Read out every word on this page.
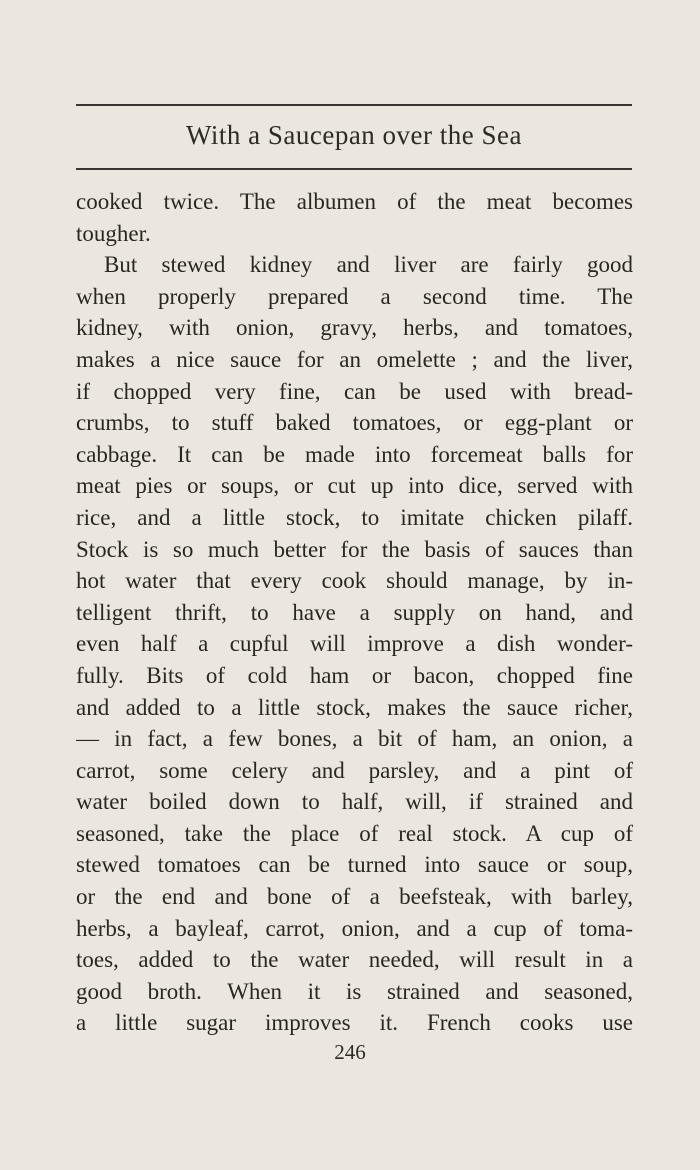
With a Saucepan over the Sea
cooked twice. The albumen of the meat becomes
tougher.
But stewed kidney and liver are fairly good
when properly prepared a second time. The
kidney, with onion, gravy, herbs, and tomatoes,
makes a nice sauce for an omelette ; and the liver,
if chopped very fine, can be used with bread-
crumbs, to stuff baked tomatoes, or egg-plant or
cabbage. It can be made into forcemeat balls for
meat pies or soups, or cut up into dice, served with
rice, and a little stock, to imitate chicken pilaff.
Stock is so much better for the basis of sauces than
hot water that every cook should manage, by in-
telligent thrift, to have a supply on hand, and
even half a cupful will improve a dish wonder-
fully. Bits of cold ham or bacon, chopped fine
and added to a little stock, makes the sauce richer,
— in fact, a few bones, a bit of ham, an onion, a
carrot, some celery and parsley, and a pint of
water boiled down to half, will, if strained and
seasoned, take the place of real stock. A cup of
stewed tomatoes can be turned into sauce or soup,
or the end and bone of a beefsteak, with barley,
herbs, a bayleaf, carrot, onion, and a cup of toma-
toes, added to the water needed, will result in a
good broth. When it is strained and seasoned,
a little sugar improves it. French cooks use
246
